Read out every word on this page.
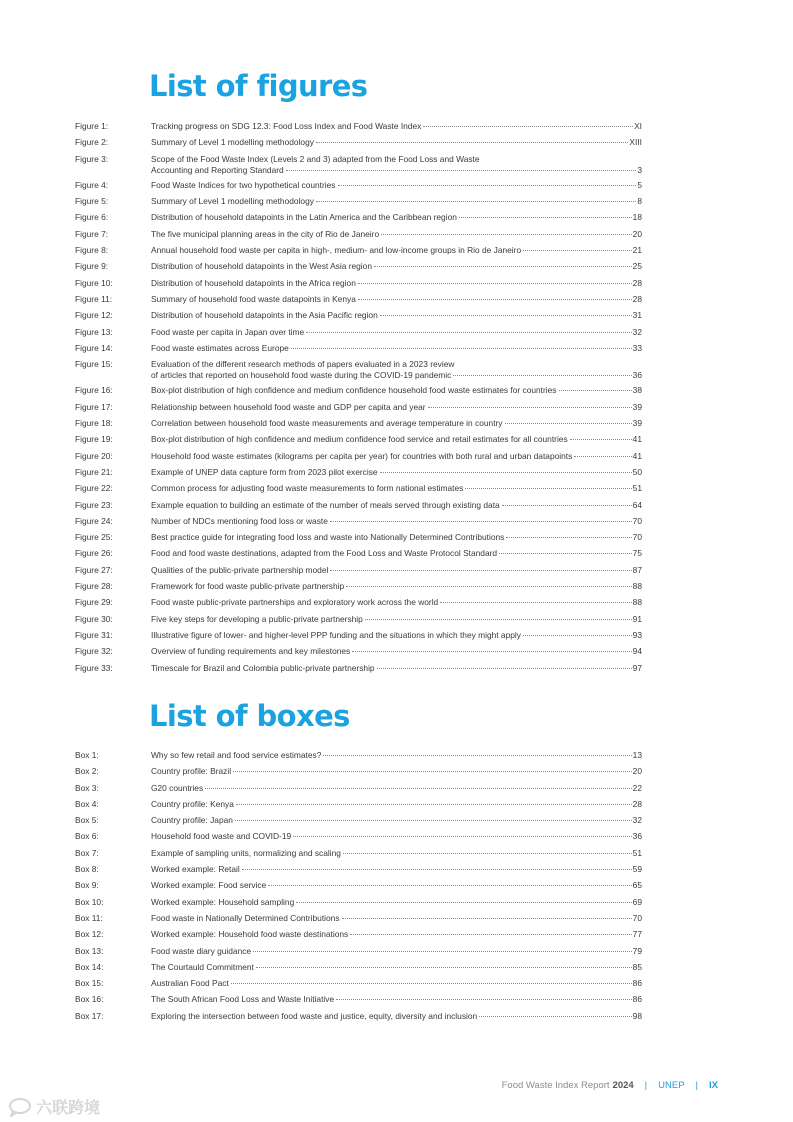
List of figures
Figure 1:	Tracking progress on SDG 12.3: Food Loss Index and Food Waste Index	XI
Figure 2:	Summary of Level 1 modelling methodology	XIII
Figure 3:	Scope of the Food Waste Index (Levels 2 and 3) adapted from the Food Loss and Waste
Accounting and Reporting Standard	3
Figure 4:	Food Waste Indices for two hypothetical countries	5
Figure 5:	Summary of Level 1 modelling methodology	8
Figure 6:	Distribution of household datapoints in the Latin America and the Caribbean region	18
Figure 7:	The five municipal planning areas in the city of Rio de Janeiro	20
Figure 8:	Annual household food waste per capita in high-, medium- and low-income groups in Rio de Janeiro	21
Figure 9:	Distribution of household datapoints in the West Asia region	25
Figure 10:	Distribution of household datapoints in the Africa region	28
Figure 11:	Summary of household food waste datapoints in Kenya	28
Figure 12:	Distribution of household datapoints in the Asia Pacific region	31
Figure 13:	Food waste per capita in Japan over time	32
Figure 14:	Food waste estimates across Europe	33
Figure 15:	Evaluation of the different research methods of papers evaluated in a 2023 review
of articles that reported on household food waste during the COVID-19 pandemic	36
Figure 16:	Box-plot distribution of high confidence and medium confidence household food waste estimates for countries	38
Figure 17:	Relationship between household food waste and GDP per capita and year	39
Figure 18:	Correlation between household food waste measurements and average temperature in country	39
Figure 19:	Box-plot distribution of high confidence and medium confidence food service and retail estimates for all countries	41
Figure 20:	Household food waste estimates (kilograms per capita per year) for countries with both rural and urban datapoints	41
Figure 21:	Example of UNEP data capture form from 2023 pilot exercise	50
Figure 22:	Common process for adjusting food waste measurements to form national estimates	51
Figure 23:	Example equation to building an estimate of the number of meals served through existing data	64
Figure 24:	Number of NDCs mentioning food loss or waste	70
Figure 25:	Best practice guide for integrating food loss and waste into Nationally Determined Contributions	70
Figure 26:	Food and food waste destinations, adapted from the Food Loss and Waste Protocol Standard	75
Figure 27:	Qualities of the public-private partnership model	87
Figure 28:	Framework for food waste public-private partnership	88
Figure 29:	Food waste public-private partnerships and exploratory work across the world	88
Figure 30:	Five key steps for developing a public-private partnership	91
Figure 31:	Illustrative figure of lower- and higher-level PPP funding and the situations in which they might apply	93
Figure 32:	Overview of funding requirements and key milestones	94
Figure 33:	Timescale for Brazil and Colombia public-private partnership	97
List of boxes
Box 1:	Why so few retail and food service estimates?	13
Box 2:	Country profile: Brazil	20
Box 3:	G20 countries	22
Box 4:	Country profile: Kenya	28
Box 5:	Country profile: Japan	32
Box 6:	Household food waste and COVID-19	36
Box 7:	Example of sampling units, normalizing and scaling	51
Box 8:	Worked example: Retail	59
Box 9:	Worked example: Food service	65
Box 10:	Worked example: Household sampling	69
Box 11:	Food waste in Nationally Determined Contributions	70
Box 12:	Worked example: Household food waste destinations	77
Box 13:	Food waste diary guidance	79
Box 14:	The Courtauld Commitment	85
Box 15:	Australian Food Pact	86
Box 16:	The South African Food Loss and Waste Initiative	86
Box 17:	Exploring the intersection between food waste and justice, equity, diversity and inclusion	98
Food Waste Index Report 2024 | UNEP | IX
六联跨境
